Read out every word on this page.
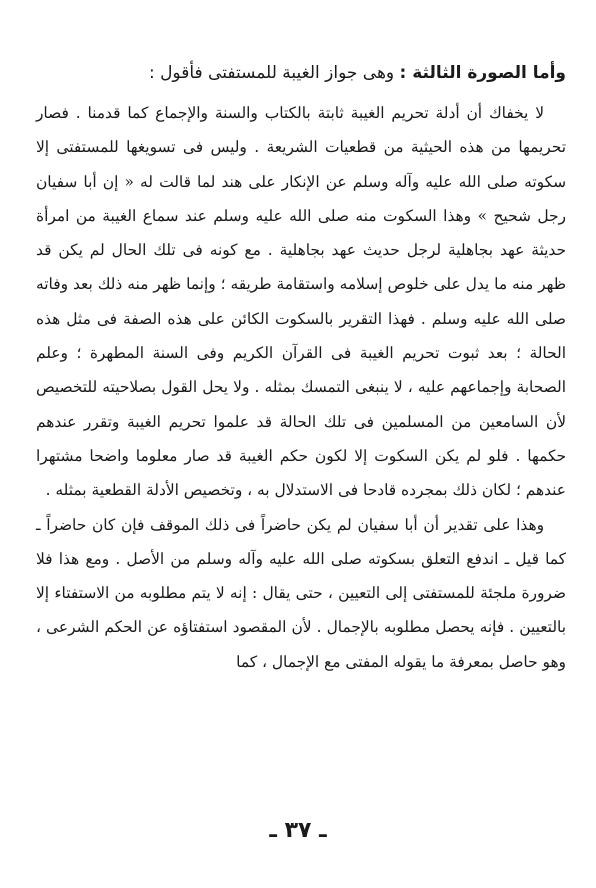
وأما الصورة الثالثة : وهى جواز الغيبة للمستفتى فأقول :

لا يخفاك أن أدلة تحريم الغيبة ثابتة بالكتاب والسنة والإجماع كما قدمنا . فصار تحريمها من هذه الحيثية من قطعيات الشريعة . وليس فى تسويغها للمستفتى إلا سكوته صلى الله عليه وآله وسلم عن الإنكار على هند لما قالت له « إن أبا سفيان رجل شحيح » وهذا السكوت منه صلى الله عليه وسلم عند سماع الغيبة من امرأة حديثة عهد بجاهلية لرجل حديث عهد بجاهلية . مع كونه فى تلك الحال لم يكن قد ظهر منه ما يدل على خلوص إسلامه واستقامة طريقه ؛ وإنما ظهر منه ذلك بعد وفاته صلى الله عليه وسلم . فهذا التقرير بالسكوت الكائن على هذه الصفة فى مثل هذه الحالة ؛ بعد ثبوت تحريم الغيبة فى القرآن الكريم وفى السنة المطهرة ؛ وعلم الصحابة وإجماعهم عليه ، لا ينبغى التمسك بمثله . ولا يحل القول بصلاحيته للتخصيص لأن السامعين من المسلمين فى تلك الحالة قد علموا تحريم الغيبة وتقرر عندهم حكمها . فلو لم يكن السكوت إلا لكون حكم الغيبة قد صار معلوما واضحا مشتهرا عندهم ؛ لكان ذلك بمجرده قادحا فى الاستدلال به ، وتخصيص الأدلة القطعية بمثله .

وهذا على تقدير أن أبا سفيان لم يكن حاضراً فى ذلك الموقف فإن كان حاضراً ـ كما قيل ـ اندفع التعلق بسكوته صلى الله عليه وآله وسلم من الأصل . ومع هذا فلا ضرورة ملجئة للمستفتى إلى التعيين ، حتى يقال : إنه لا يتم مطلوبه من الاستفتاء إلا بالتعيين . فإنه يحصل مطلوبه بالإجمال . لأن المقصود استفتاؤه عن الحكم الشرعى ، وهو حاصل بمعرفة ما يقوله المفتى مع الإجمال ، كما

ـ ٣٧ ـ
